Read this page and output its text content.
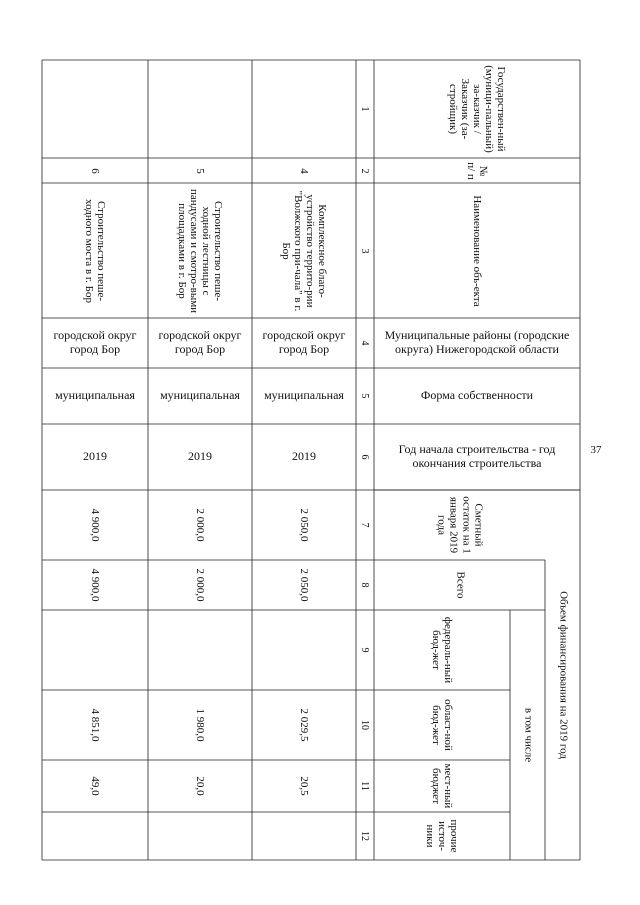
37
Государствен-ный (муници-пальный) за-казчик / Заказчик (за-стройщик)
№ п/ п
Наименование объ-екта
Муниципальные районы (городские округа) Нижегородской области
Форма собственности
Год начала строительства - год окончания строительства
Сметный остаток на 1 января 2019 года
Объем финансирования на 2019 год
Всего
в том числе
федераль-ный бюд-жет
област-ной бюд-жет
мест-ный бюджет
прочие источ-ники
1
2
3
4
5
6
7
8
9
10
11
12
4
Комплексное благо-устройство террито-рии "Волжского при-чала" в г. Бор
городской округ город Бор
муниципальная
2019
2 050,0
2 050,0
2 029,5
20,5
5
Строительство пеше-ходной лестницы с пандусами и смотро-выми площадками в г. Бор
городской округ город Бор
муниципальная
2019
2 000,0
2 000,0
1 980,0
20,0
6
Строительство пеше-ходного моста в г. Бор
городской округ город Бор
муниципальная
2019
4 900,0
4 900,0
4 851,0
49,0
